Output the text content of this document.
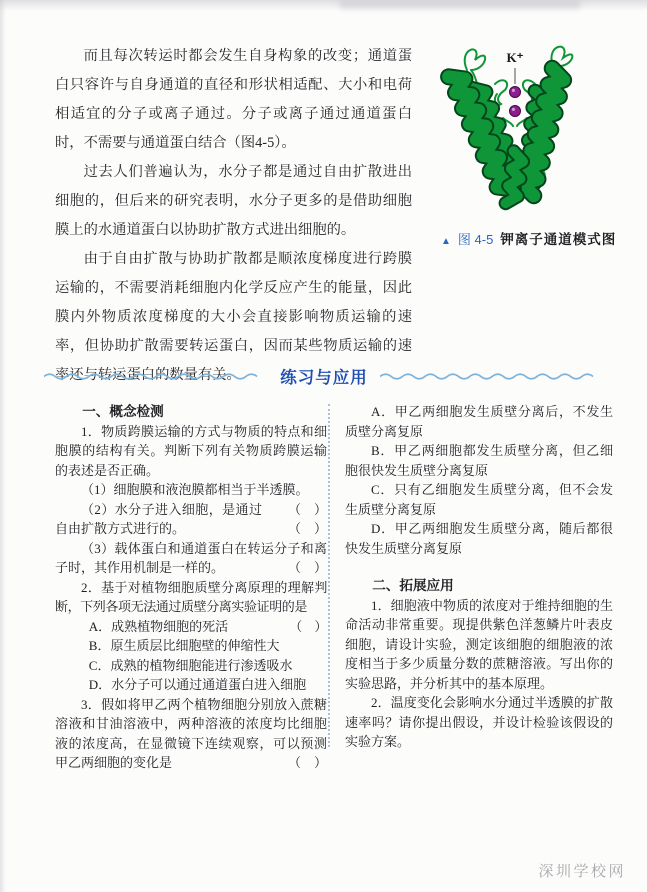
而且每次转运时都会发生自身构象的改变；通道蛋白只容许与自身通道的直径和形状相适配、大小和电荷相适宜的分子或离子通过。分子或离子通过通道蛋白时，不需要与通道蛋白结合（图4-5）。

过去人们普遍认为，水分子都是通过自由扩散进出细胞的，但后来的研究表明，水分子更多的是借助细胞膜上的水通道蛋白以协助扩散方式进出细胞的。

由于自由扩散与协助扩散都是顺浓度梯度进行跨膜运输的，不需要消耗细胞内化学反应产生的能量，因此膜内外物质浓度梯度的大小会直接影响物质运输的速率，但协助扩散需要转运蛋白，因而某些物质运输的速率还与转运蛋白的数量有关。

K⁺
▲ 图 4-5 钾离子通道模式图
练习与应用

一、概念检测

1．物质跨膜运输的方式与物质的特点和细胞膜的结构有关。判断下列有关物质跨膜运输的表述是否正确。

（1）细胞膜和液泡膜都相当于半透膜。
（　）

（2）水分子进入细胞，是通过自由扩散方式进行的。	（　）

（3）载体蛋白和通道蛋白在转运分子和离子时，其作用机制是一样的。	（　）

2．基于对植物细胞质壁分离原理的理解判断，下列各项无法通过质壁分离实验证明的是
（　）

A．成熟植物细胞的死活

B．原生质层比细胞壁的伸缩性大

C．成熟的植物细胞能进行渗透吸水

D．水分子可以通过通道蛋白进入细胞

3．假如将甲乙两个植物细胞分别放入蔗糖溶液和甘油溶液中，两种溶液的浓度均比细胞液的浓度高，在显微镜下连续观察，可以预测甲乙两细胞的变化是	（　）

A．甲乙两细胞发生质壁分离后，不发生质壁分离复原

B．甲乙两细胞都发生质壁分离，但乙细胞很快发生质壁分离复原

C．只有乙细胞发生质壁分离，但不会发生质壁分离复原

D．甲乙两细胞发生质壁分离，随后都很快发生质壁分离复原

二、拓展应用

1．细胞液中物质的浓度对于维持细胞的生命活动非常重要。现提供紫色洋葱鳞片叶表皮细胞，请设计实验，测定该细胞的细胞液的浓度相当于多少质量分数的蔗糖溶液。写出你的实验思路，并分析其中的基本原理。

2．温度变化会影响水分通过半透膜的扩散速率吗？请你提出假设，并设计检验该假设的实验方案。

深圳学校网
